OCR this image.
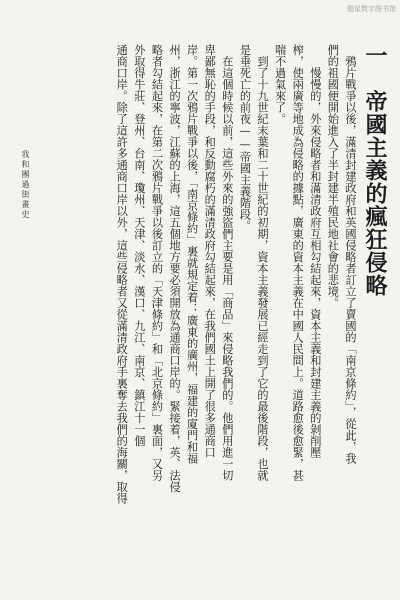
超星数字图书馆
一　帝國主義的瘋狂侵略
　鴉片戰爭以後，滿清封建政府和英國侵略者訂立了賣國的「南京條約」，從此，我
們的祖國便開始進入了半封建半殖民地社會的悲境。
　　慢慢的，外來侵略者和滿清政府互相勾結起來，資本主義和封建主義的剝削壓
榨，使兩廣等地成為侵略的據點，廣東的資本主義在中國人民間上。道路愈後愈緊，甚
喘不過氣來了。
　到了十九世紀末葉和二十世紀的初期，資本主義發展已經走到了它的最後階段，也就
是垂死亡的前夜——帝國主義階段。
　在這個時候以前，這些外來的強盜們主要是用「商品」來侵略我們的。他們用進一切
卑鄙無恥的手段，和反動腐朽的滿清政府勾結起來，在我們國土上開了很多通商口
岸。第一次鴉片戰爭以後，「南京條約」裏就規定着：廣東的廣州，福建的廈門和福
州，浙江的寧波，江蘇的上海，這五個地方要必須開放為通商口岸的。緊接着，英、法侵
略者勾結起來，在第二次鴉片戰爭以後訂立的「天津條約」和「北京條約」裏面，又另
外取得牛莊、登州、台南、瓊州、天津、淡水、漢口、九江、南京、鎮江十一個
通商口岸。除了這許多通商口岸以外，這些侵略者又從滿清政府手裏奪去我們的海關，取得
我和團過街畫史
